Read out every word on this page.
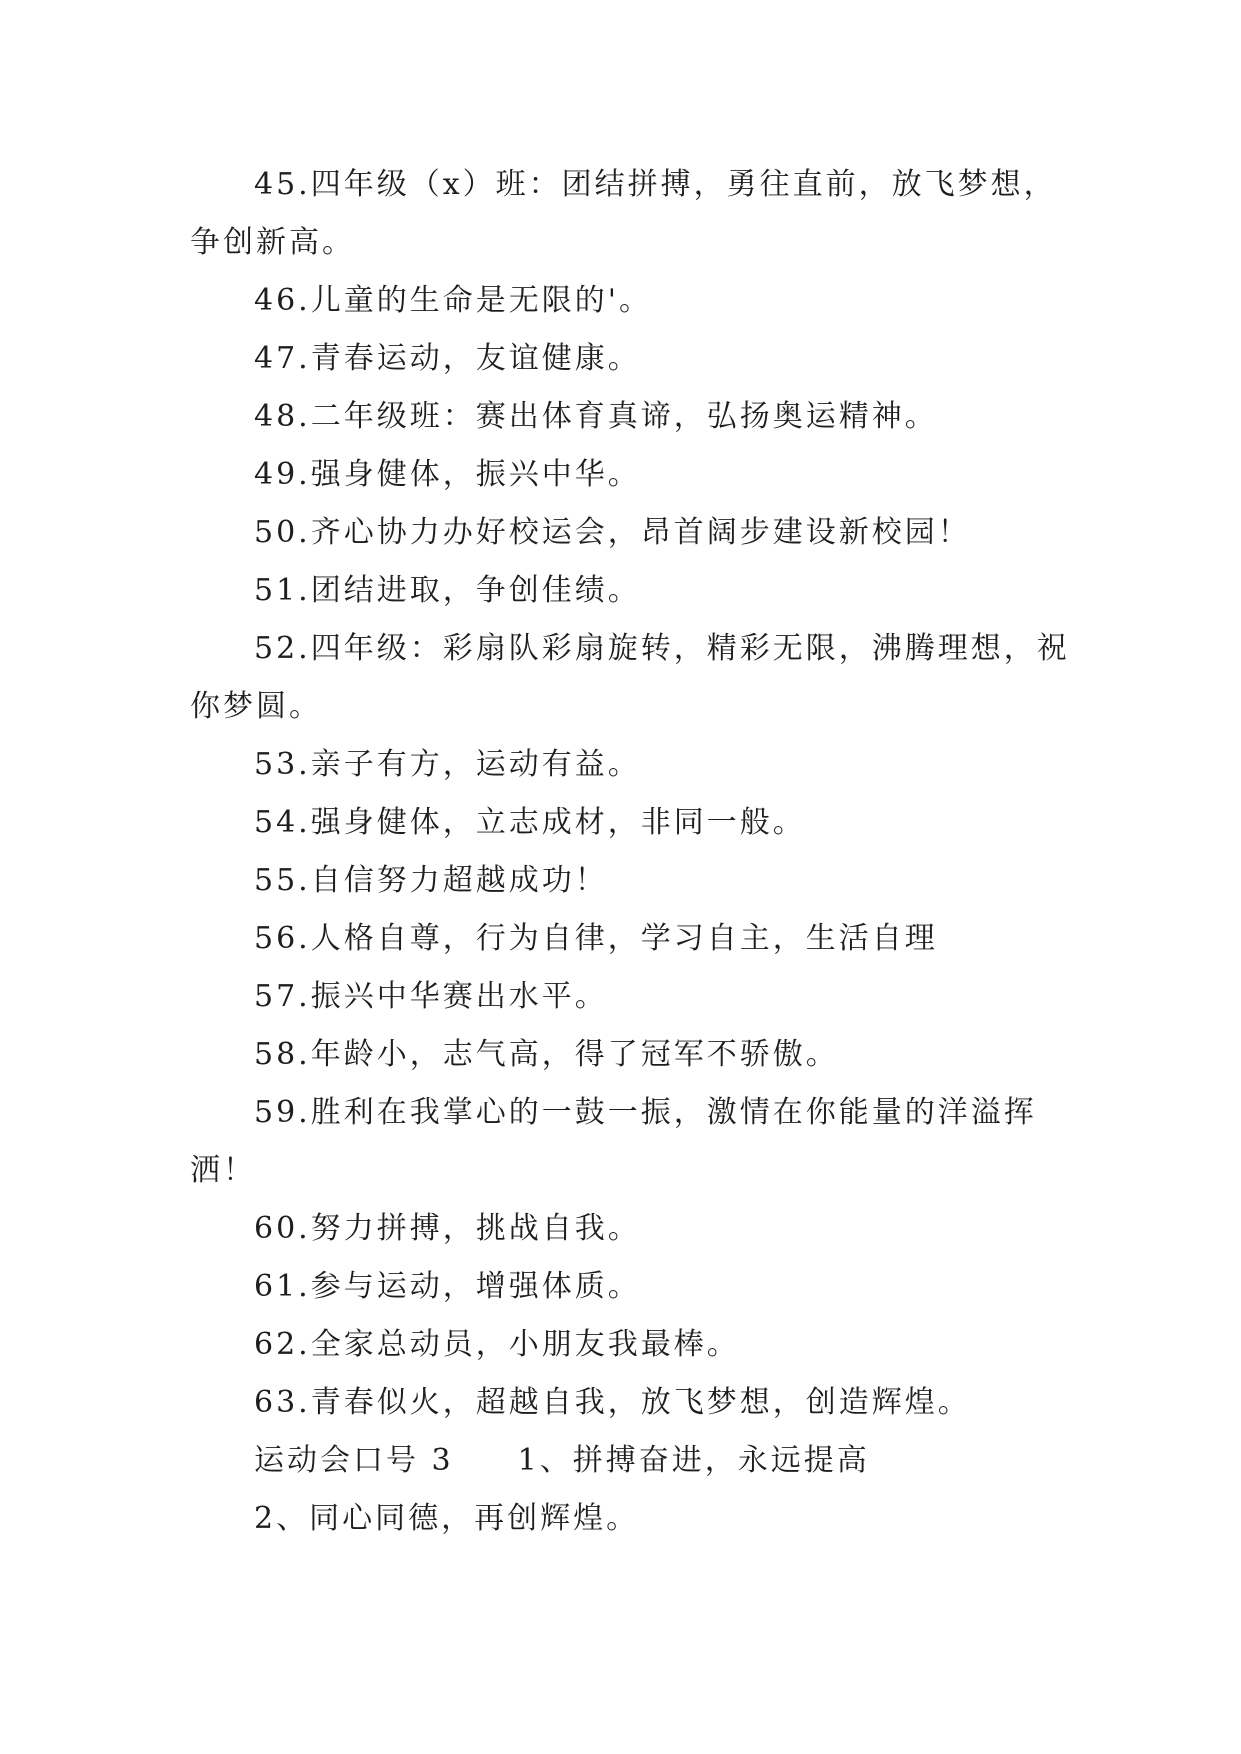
45.四年级（x）班：团结拼搏，勇往直前，放飞梦想，争创新高。

46.儿童的生命是无限的'。

47.青春运动，友谊健康。

48.二年级班：赛出体育真谛，弘扬奥运精神。

49.强身健体，振兴中华。

50.齐心协力办好校运会，昂首阔步建设新校园！

51.团结进取，争创佳绩。

52.四年级：彩扇队彩扇旋转，精彩无限，沸腾理想，祝你梦圆。

53.亲子有方，运动有益。

54.强身健体，立志成材，非同一般。

55.自信努力超越成功！

56.人格自尊，行为自律，学习自主，生活自理

57.振兴中华赛出水平。

58.年龄小，志气高，得了冠军不骄傲。

59.胜利在我掌心的一鼓一振，激情在你能量的洋溢挥洒！

60.努力拼搏，挑战自我。

61.参与运动，增强体质。

62.全家总动员，小朋友我最棒。

63.青春似火，超越自我，放飞梦想，创造辉煌。

运动会口号 3 1、拼搏奋进，永远提高

2、同心同德，再创辉煌。
